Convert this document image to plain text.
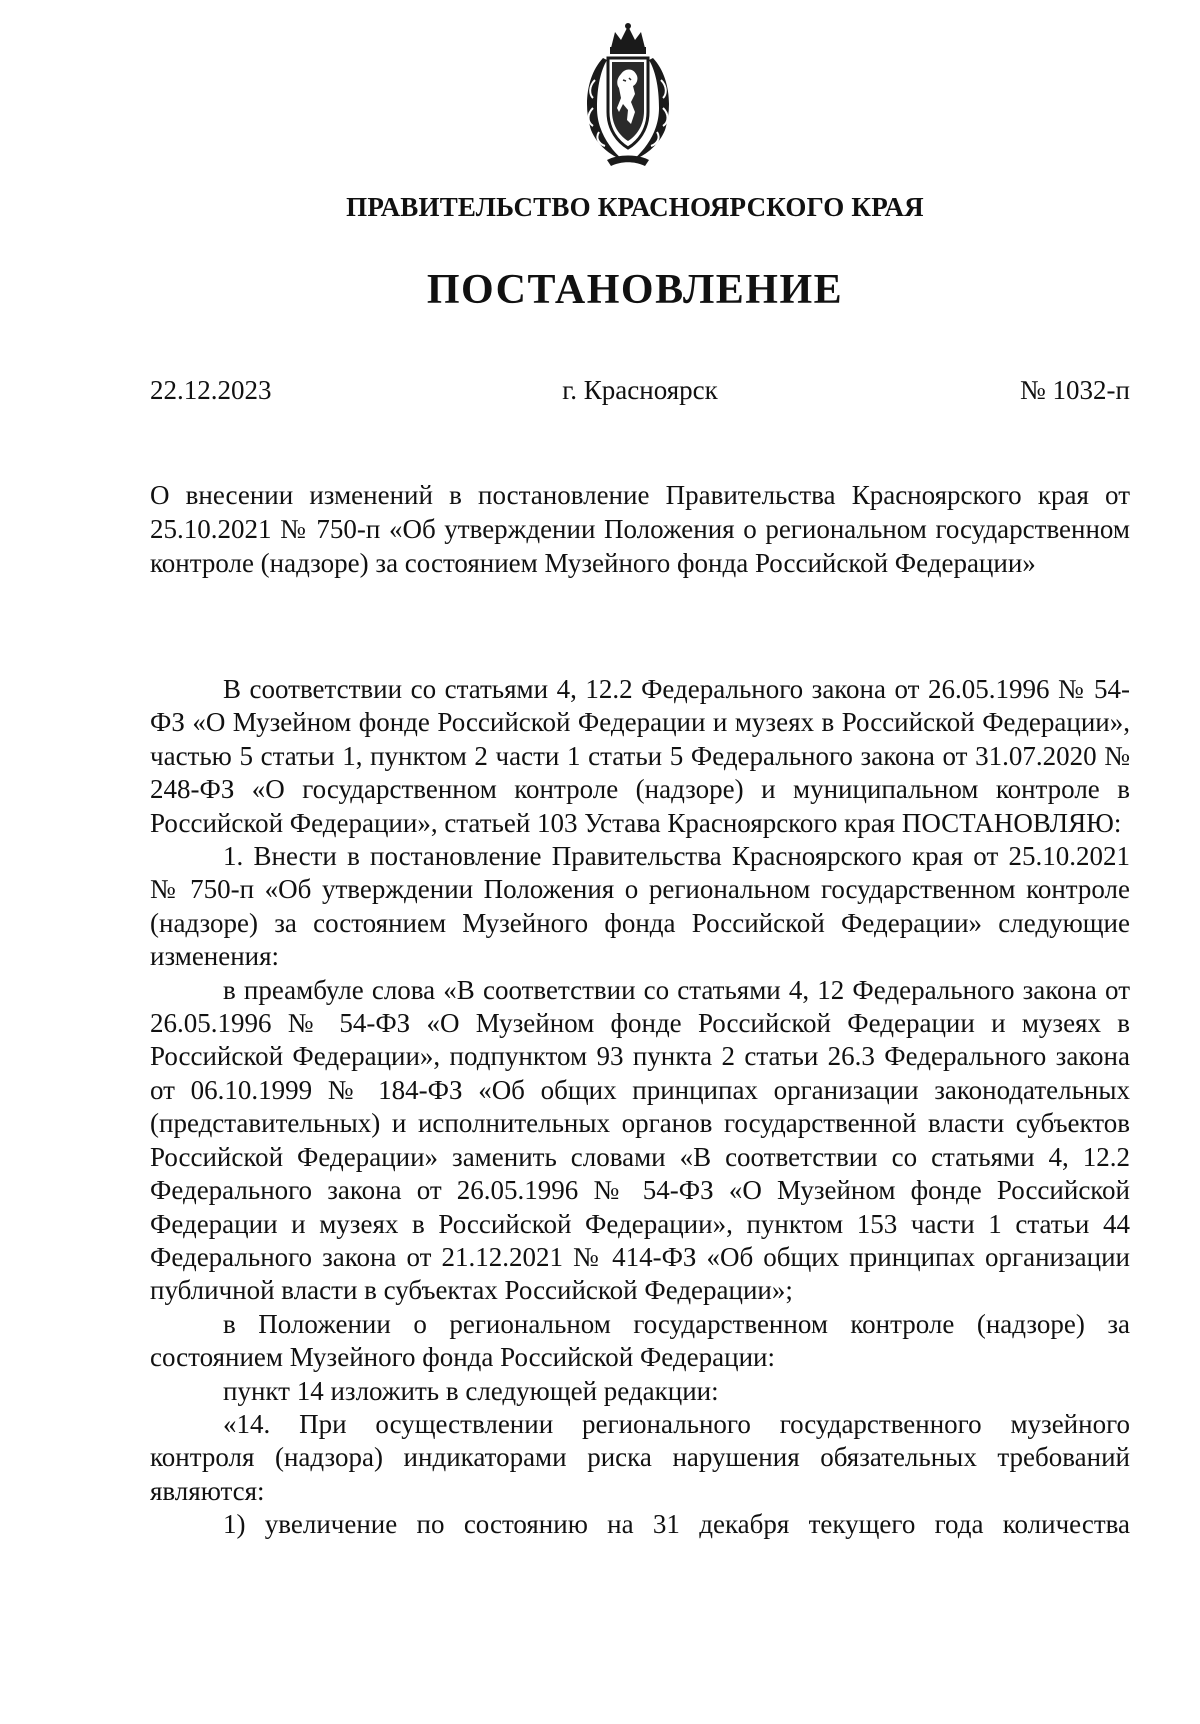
ПРАВИТЕЛЬСТВО КРАСНОЯРСКОГО КРАЯ
ПОСТАНОВЛЕНИЕ
22.12.2023	г. Красноярск	№ 1032-п
О внесении изменений в постановление Правительства Красноярского края от 25.10.2021 № 750-п «Об утверждении Положения о региональном государственном контроле (надзоре) за состоянием Музейного фонда Российской Федерации»

В соответствии со статьями 4, 12.2 Федерального закона от 26.05.1996 № 54-ФЗ «О Музейном фонде Российской Федерации и музеях в Российской Федерации», частью 5 статьи 1, пунктом 2 части 1 статьи 5 Федерального закона от 31.07.2020 № 248-ФЗ «О государственном контроле (надзоре) и муниципальном контроле в Российской Федерации», статьей 103 Устава Красноярского края ПОСТАНОВЛЯЮ:

1. Внести в постановление Правительства Красноярского края от 25.10.2021 № 750-п «Об утверждении Положения о региональном государственном контроле (надзоре) за состоянием Музейного фонда Российской Федерации» следующие изменения:

в преамбуле слова «В соответствии со статьями 4, 12 Федерального закона от 26.05.1996 № 54-ФЗ «О Музейном фонде Российской Федерации и музеях в Российской Федерации», подпунктом 93 пункта 2 статьи 26.3 Федерального закона от 06.10.1999 № 184-ФЗ «Об общих принципах организации законодательных (представительных) и исполнительных органов государственной власти субъектов Российской Федерации» заменить словами «В соответствии со статьями 4, 12.2 Федерального закона от 26.05.1996 № 54-ФЗ «О Музейном фонде Российской Федерации и музеях в Российской Федерации», пунктом 153 части 1 статьи 44 Федерального закона от 21.12.2021 № 414-ФЗ «Об общих принципах организации публичной власти в субъектах Российской Федерации»;

в Положении о региональном государственном контроле (надзоре) за состоянием Музейного фонда Российской Федерации:

пункт 14 изложить в следующей редакции:

«14. При осуществлении регионального государственного музейного контроля (надзора) индикаторами риска нарушения обязательных требований являются:

1) увеличение по состоянию на 31 декабря текущего года количества
